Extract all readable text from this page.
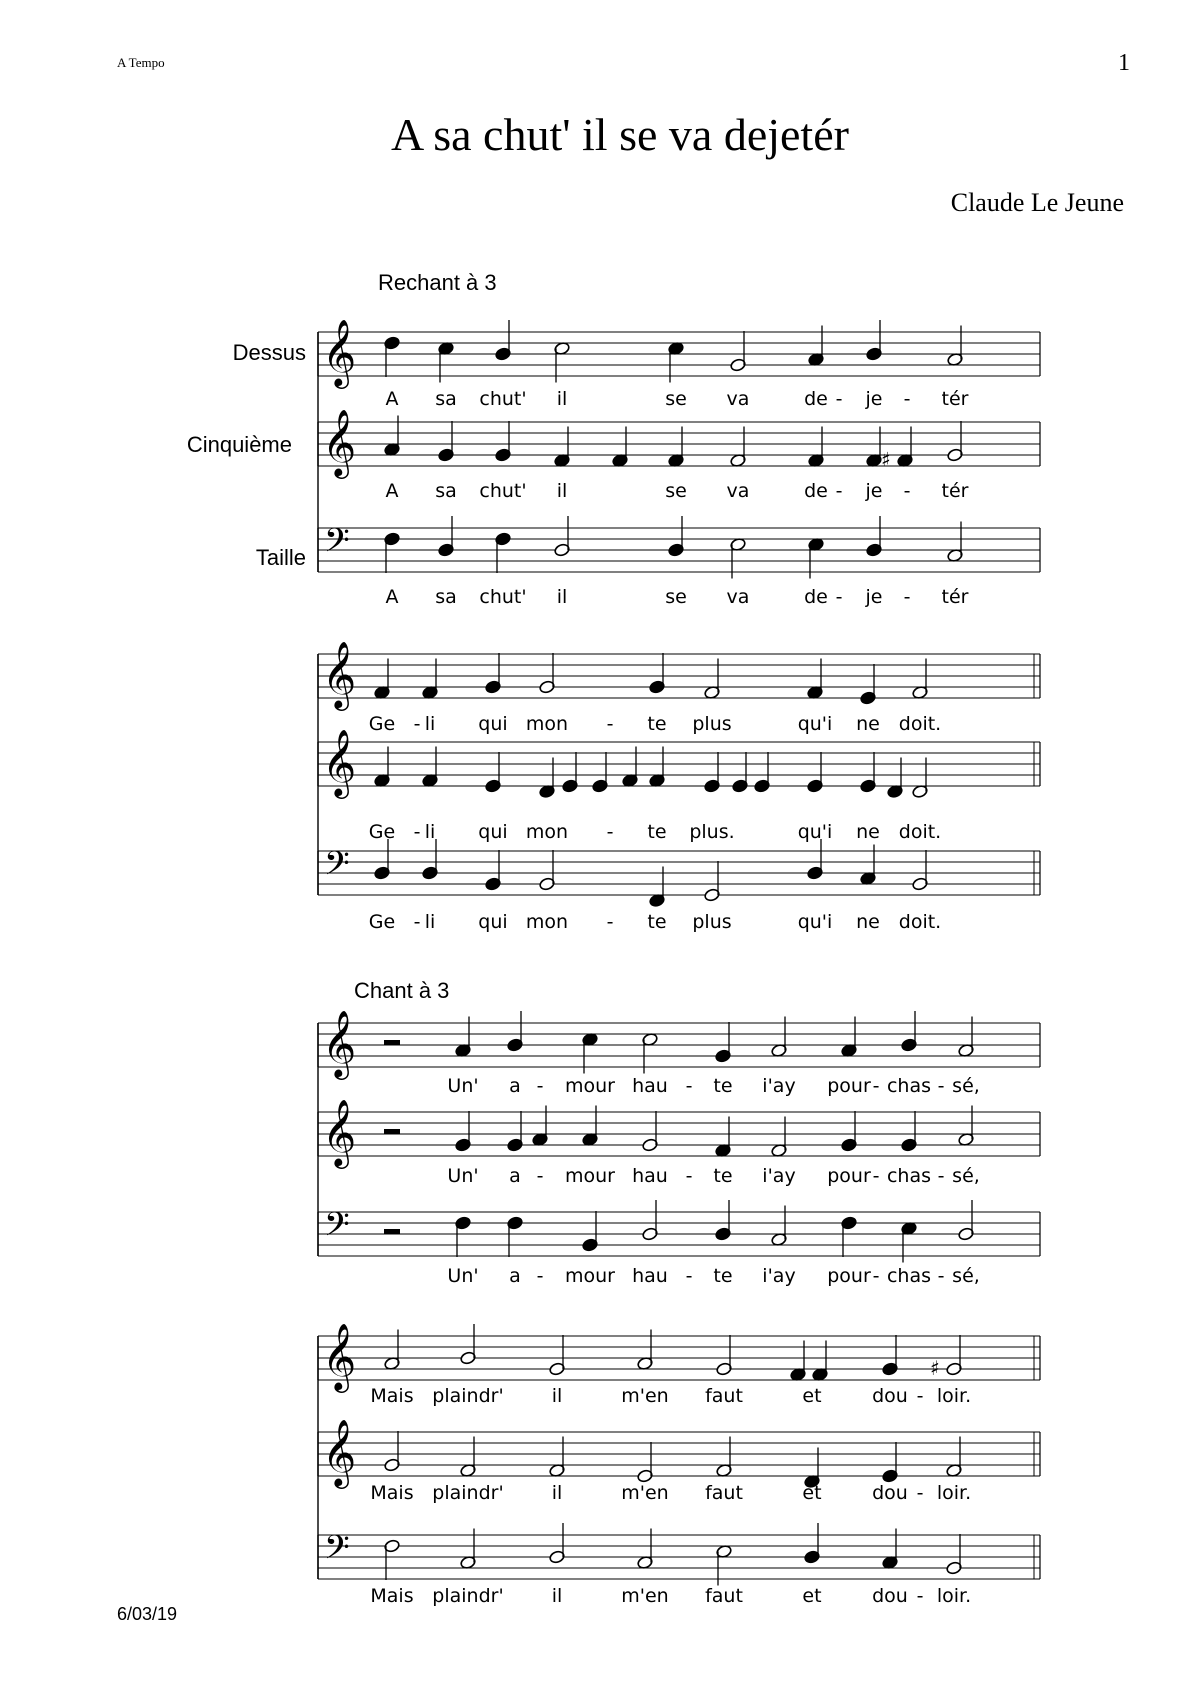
A Tempo	1
A sa chut' il se va dejetér
Claude Le Jeune
Rechant à 3
Chant à 3
Dessus
Cinquième
Taille
6/03/19
𝄞
A sa chut' il	se va	de - je - tér
𝄞	♯
A sa chut' il	se va	de - je - tér
𝄢
A sa chut' il	se va	de - je - tér
𝄞
Ge - li qui mon - te plus	qu'i ne doit.
𝄞
Ge - li qui mon - te plus.	qu'i ne doit.
𝄢
Ge - li qui mon - te plus	qu'i ne doit.
𝄞
Un' a - mour hau - te i'ay pour - chas - sé,
𝄞
Un' a - mour hau - te i'ay pour - chas - sé,
𝄢
Un' a - mour hau - te i'ay pour - chas - sé,
𝄞	♯
Mais plaindr'	il	m'en faut	et	dou - loir.
𝄞
Mais plaindr'	il	m'en faut	et	dou - loir.
𝄢
Mais plaindr'	il	m'en faut	et	dou - loir.
